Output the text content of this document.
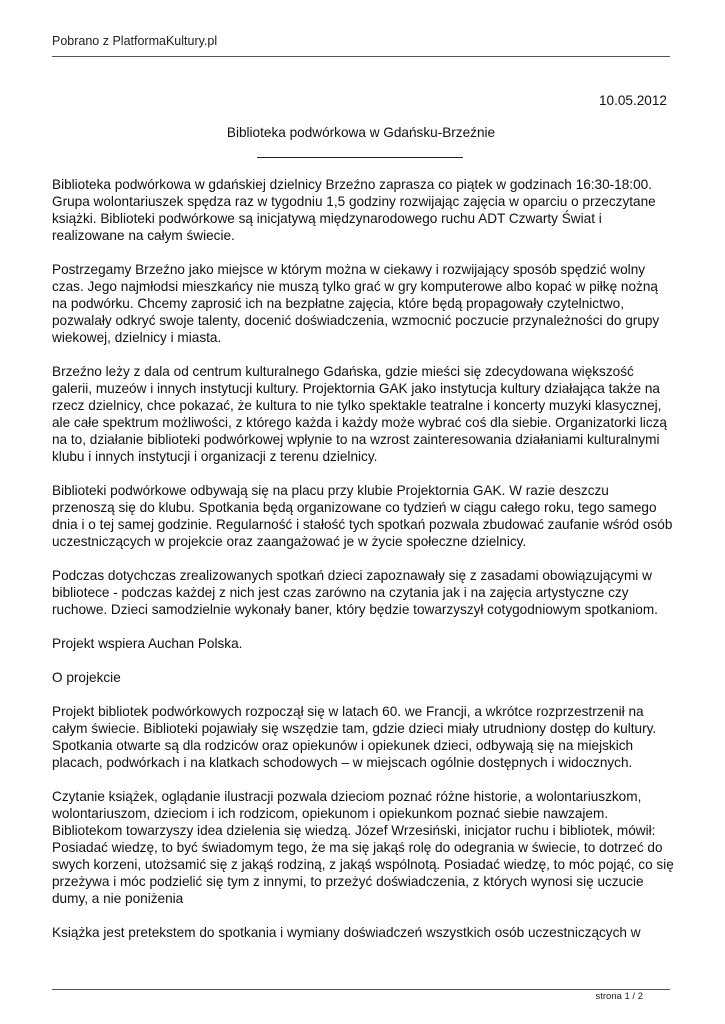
Pobrano z PlatformaKultury.pl
10.05.2012
Biblioteka podwórkowa w Gdańsku-Brzeźnie

Biblioteka podwórkowa w gdańskiej dzielnicy Brzeźno zaprasza co piątek w godzinach 16:30-18:00. Grupa wolontariuszek spędza raz w tygodniu 1,5 godziny rozwijając zajęcia w oparciu o przeczytane książki. Biblioteki podwórkowe są inicjatywą międzynarodowego ruchu ADT Czwarty Świat i realizowane na całym świecie.

Postrzegamy Brzeźno jako miejsce w którym można w ciekawy i rozwijający sposób spędzić wolny czas. Jego najmłodsi mieszkańcy nie muszą tylko grać w gry komputerowe albo kopać w piłkę nożną na podwórku. Chcemy zaprosić ich na bezpłatne zajęcia, które będą propagowały czytelnictwo, pozwalały odkryć swoje talenty, docenić doświadczenia, wzmocnić poczucie przynależności do grupy wiekowej, dzielnicy i miasta.

Brzeźno leży z dala od centrum kulturalnego Gdańska, gdzie mieści się zdecydowana większość galerii, muzeów i innych instytucji kultury. Projektornia GAK jako instytucja kultury działająca także na rzecz dzielnicy, chce pokazać, że kultura to nie tylko spektakle teatralne i koncerty muzyki klasycznej, ale całe spektrum możliwości, z którego każda i każdy może wybrać coś dla siebie. Organizatorki liczą na to, działanie biblioteki podwórkowej wpłynie to na wzrost zainteresowania działaniami kulturalnymi klubu i innych instytucji i organizacji z terenu dzielnicy.

Biblioteki podwórkowe odbywają się na placu przy klubie Projektornia GAK. W razie deszczu przenoszą się do klubu. Spotkania będą organizowane co tydzień w ciągu całego roku, tego samego dnia i o tej samej godzinie. Regularność i stałość tych spotkań pozwala zbudować zaufanie wśród osób uczestniczących w projekcie oraz zaangażować je w życie społeczne dzielnicy.

Podczas dotychczas zrealizowanych spotkań dzieci zapoznawały się z zasadami obowiązującymi w bibliotece - podczas każdej z nich jest czas zarówno na czytania jak i na zajęcia artystyczne czy ruchowe. Dzieci samodzielnie wykonały baner, który będzie towarzyszył cotygodniowym spotkaniom.

Projekt wspiera Auchan Polska.

O projekcie

Projekt bibliotek podwórkowych rozpoczął się w latach 60. we Francji, a wkrótce rozprzestrzenił na całym świecie. Biblioteki pojawiały się wszędzie tam, gdzie dzieci miały utrudniony dostęp do kultury. Spotkania otwarte są dla rodziców oraz opiekunów i opiekunek dzieci, odbywają się na miejskich placach, podwórkach i na klatkach schodowych – w miejscach ogólnie dostępnych i widocznych.

Czytanie książek, oglądanie ilustracji pozwala dzieciom poznać różne historie, a wolontariuszkom, wolontariuszom, dzieciom i ich rodzicom, opiekunom i opiekunkom poznać siebie nawzajem. Bibliotekom towarzyszy idea dzielenia się wiedzą. Józef Wrzesiński, inicjator ruchu i bibliotek, mówił: Posiadać wiedzę, to być świadomym tego, że ma się jakąś rolę do odegrania w świecie, to dotrzeć do swych korzeni, utożsamić się z jakąś rodziną, z jakąś wspólnotą. Posiadać wiedzę, to móc pojąć, co się przeżywa i móc podzielić się tym z innymi, to przeżyć doświadczenia, z których wynosi się uczucie dumy, a nie poniżenia

Książka jest pretekstem do spotkania i wymiany doświadczeń wszystkich osób uczestniczących w

strona 1 / 2
